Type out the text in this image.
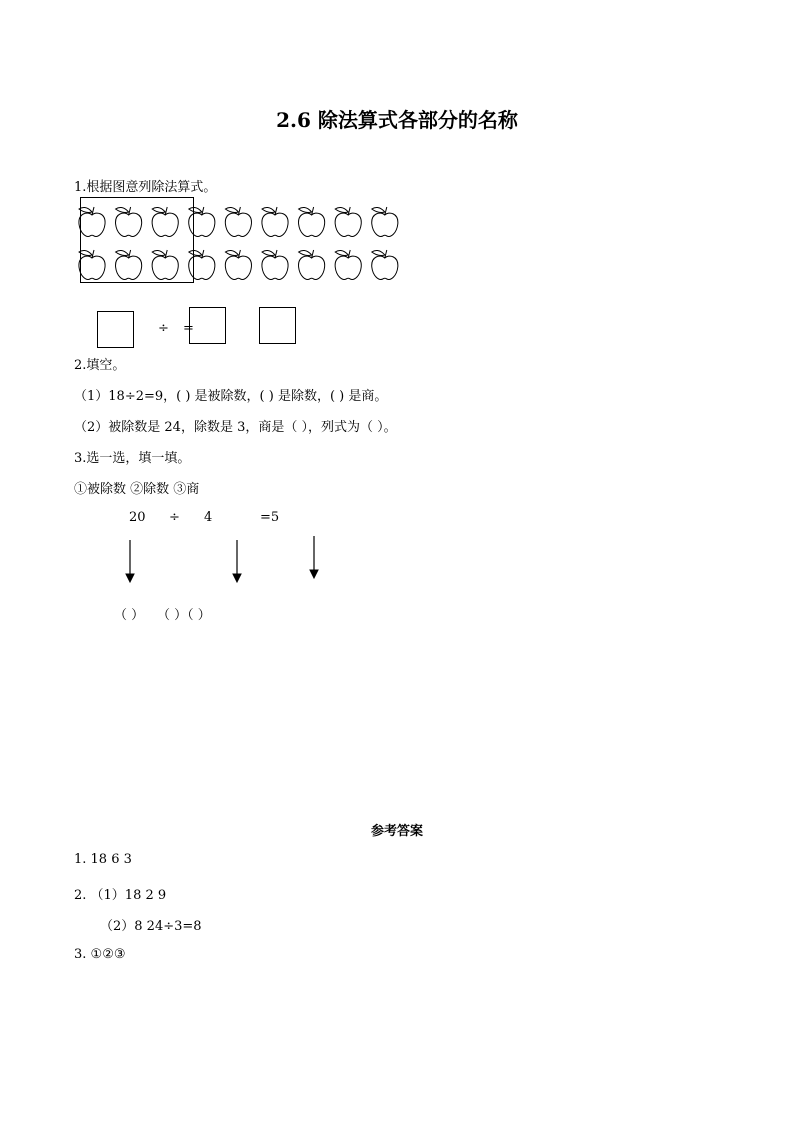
2.6 除法算式各部分的名称
1.根据图意列除法算式。
÷ =
2.填空。
（1）18÷2=9，( ) 是被除数，( ) 是除数，( ) 是商。
（2）被除数是 24，除数是 3，商是（ ），列式为（ ）。
3.选一选，填一填。
①被除数 ②除数 ③商
20 ÷ 4	=5
（ ） （ ）（ ）
参考答案
1. 18 6 3
2. （1）18 2 9
（2）8 24÷3=8
3. ①②③
